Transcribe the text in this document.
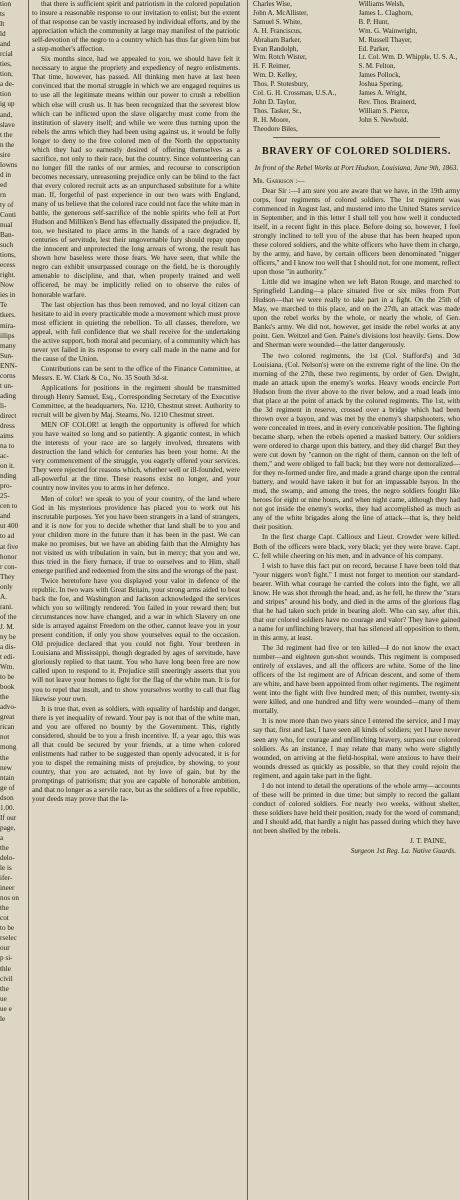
tion

ts

It

ld

and

rcial

ties,

tion,

a de-

tion

ig up

and,

slave

t the

n the

sire

lowns

d in

ed

rn

ty of

Conti

nual

Ban-

such

tions,

ecess

right.

Now

ies in

Te

tkers.

mira-

illips

many

Sun-

ENN-

corns

t un-

ading

li-

direct

dress

aims

na to

ac-

on it.

nding

pro-

25-

cen to

and

ut 400

to ad

at five

honor

r con-

They

only

A.

rani.

of the

J. M.

ny be

a dis-

t edi-

Wm.

to be

book

the

advo-

great

rican

not

mong

the

new

ntain

ge of

dson

1.00.

If our

page,

a

the

delo-

le is

ifer-

ineer

nos on

the

cot

to be

rselec

our

p si-

thle

civil

the

ue

ue e

le

that there is sufficient spirit and patriotism in the colored population to insure a reasonable response to our invitation to enlist; but the extent of that response can be vastly increased by individual efforts, and by the appreciation which the community at large may manifest of the patriotic self-devotion of the negro to a country which has thus far given him but a step-mother's affection.

Six months since, had we appealed to you, we should have felt it necessary to argue the propriety and expediency of negro enlistments. That time, however, has passed. All thinking men have at last been convinced that the mortal struggle in which we are engaged requires us to use all the legitimate means within our power to crush a rebellion which else will crush us. It has been recognized that the severest blow which can be inflicted upon the slave oligarchy must come from the institution of slavery itself; and while we were thus turning upon the rebels the arms which they had been using against us, it would be folly longer to deny to the free colored men of the North the opportunity which they had so earnestly desired of offering themselves as a sacrifice, not only to their race, but the country. Since volunteering can no longer fill the ranks of our armies, and recourse to conscription becomes necessary, unreasoning prejudice only can be blind to the fact that every colored recruit acts as an unpurchased substitute for a white man. If, forgetful of past experience in our two wars with England, many of us believe that the colored race could not face the white man in battle, the generous self-sacrifice of the noble spirits who fell at Port Hudson and Milliken's Bend has effectually dissipated the prejudice. If, too, we hesitated to place arms in the hands of a race degraded by centuries of servitude, lest their ungovernable fury should repay upon the innocent and unprotected the long arrears of wrong, the result has shown how baseless were those fears. We have seen, that while the negro can exhibit unsurpassed courage on the field, he is thoroughly amenable to discipline, and that, when properly trained and well officered, he may be implicitly relied on to observe the rules of honorable warfare.

The last objection has thus been removed, and no loyal citizen can hesitate to aid in every practicable mode a movement which must prove most efficient in quieting the rebellion. To all classes, therefore, we appeal, with full confidence that we shall receive for the undertaking the active support, both moral and pecuniary, of a community which has never yet failed in its response to every call made in the name and for the cause of the Union.

Contributions can be sent to the office of the Finance Committee, at Messrs. E. W. Clark & Co., No. 35 South 3d-st.

Applications for positions in the regiment should be transmitted through Henry Samuel, Esq., Corresponding Secretary of the Executive Committee, at the headquarters, No. 1210, Chestnut street. Authority to recruit will be given by Maj. Stearns, No. 1210 Chestnut street.

MEN OF COLOR! at length the opportunity is offered for which you have waited so long and so patiently. A gigantic contest, in which the interests of your race are so largely involved, threatens with destruction the land which for centuries has been your home. At the very commencement of the struggle, you eagerly offered your services. They were rejected for reasons which, whether well or ill-founded, were all-powerful at the time. These reasons exist no longer, and your country now invites you to arms in her defence.

Men of color! we speak to you of your country, of the land where God in his mysterious providence has placed you to work out his inscrutable purposes. Yet you have been strangers in a land of strangers, and it is now for you to decide whether that land shall be to you and your children more in the future than it has been in the past. We can make no promises, but we have an abiding faith that the Almighty has not visited us with tribulation in vain, but in mercy; that you and we, thus tried in the fiery furnace, if true to ourselves and to Him, shall emerge purified and redeemed from the sins and the wrongs of the past.

Twice heretofore have you displayed your valor in defence of the republic. In two wars with Great Britain, your strong arms aided to beat back the foe, and Washington and Jackson acknowledged the services which you so willingly rendered. You failed in your reward then; but circumstances now have changed, and a war in which Slavery on one side is arrayed against Freedom on the other, cannot leave you in your present condition, if only you show yourselves equal to the occasion. Old prejudice declared that you could not fight. Your brethren in Louisiana and Mississippi, though degraded by ages of servitude, have gloriously replied to that taunt. You who have long been free are now called upon to respond to it. Prejudice still sneeringly asserts that you will not leave your homes to fight for the flag of the white man. It is for you to repel that insult, and to show yourselves worthy to call that flag likewise your own.

It is true that, even as soldiers, with equality of hardship and danger, there is yet inequality of reward. Your pay is not that of the white man, and you are offered no bounty by the Government. This, rightly considered, should be to you a fresh incentive. If, a year ago, this was all that could be secured by your friends, at a time when colored enlistments had rather to be suggested than openly advocated, it is for you to dispel the remaining mists of prejudice, by showing, to your country, that you are actuated, not by love of gain, but by the promptings of patriotism; that you are capable of honorable ambition, and that no longer as a servile race, but as the soldiers of a free republic, your deeds may prove that the la-

Charles Wise,
John A. McAllister,
Samuel S. White,
A. H. Franciscus,
Abraham Barker,
Evan Randolph,
Wm. Rotch Wister,
H. F. Reimer,
Wm. D. Kelley,
Thos. P. Stotesbury,
Col. G. H. Crossman, U.S.A.,
John D. Taylor,
Thos. Tasker, Sr.,
R. H. Moore,
Theodore Biles,
Williams Welsh,
James L. Claghorn,
B. P. Hunt,
Wm. G. Wainwright,
M. Russell Thayer,
Ed. Parker,
Lt. Col. Wm. D. Whipple, U. S. A.,
S. M. Felton,
James Pollock,
Joshua Spering,
James A. Wright,
Rev. Thos. Brainerd,
William S. Pierce,
John S. Newbold.
BRAVERY OF COLORED SOLDIERS.
In front of the Rebel Works at Port Hudson, Louisiana, June 9th, 1863.

Mr. Garrison :—

Dear Sir :—I am sure you are aware that we have, in the 19th army corps, four regiments of colored soldiers. The 1st regiment was commenced in August last, and mustered into the United States service in September; and in this letter I shall tell you how well it conducted itself, in a recent fight in this place. Before doing so, however, I feel strongly inclined to tell you of the abuse that has been heaped upon these colored soldiers, and the white officers who have them in charge, by the army, and have, by certain officers been denominated "nigger officers," and I know too well that I should not, for one moment, reflect upon those "in authority."

Little did we imagine when we left Baton Rouge, and marched to Springfield Landing—a place situated five or six miles from Port Hudson—that we were really to take part in a fight. On the 25th of May, we marched to this place, and on the 27th, an attack was made upon the rebel works by the whole, or nearly the whole, of Gen. Banks's army. We did not, however, get inside the rebel works at any point. Gen. Weitzel and Gen. Paine's divisions lost heavily. Gens. Dow and Sherman were wounded—the latter dangerously.

The two colored regiments, the 1st (Col. Stafford's) and 3d Louisiana, (Col. Nelson's) were on the extreme right of the line. On the morning of the 27th, these two regiments, by order of Gen. Dwight, made an attack upon the enemy's works. Heavy woods encircle Port Hudson from the river above to the river below, and a road leads into that place at the point of attack by the colored regiments. The 1st, with the 3d regiment in reserve, crossed over a bridge which had been thrown over a bayou, and was met by the enemy's sharpshooters, who were concealed in trees, and in every conceivable position. The fighting became sharp, when the rebels opened a masked battery. Our soldiers were ordered to charge upon this battery, and they did charge! But they were cut down by "cannon on the right of them, cannon on the left of them," and were obliged to fall back; but they were not demoralized—for they re-formed under fire, and made a grand charge upon the central battery, and would have taken it but for an impassable bayou. In the mud, the swamp, and among the trees, the negro soldiers fought like heroes for eight or nine hours, and when night came, although they had not got inside the enemy's works, they had accomplished as much as any of the white brigades along the line of attack—that is, they held their position.

In the first charge Capt. Callioux and Lieut. Crowder were killed. Both of the officers were black, very black; yet they were brave. Capt. C. fell while cheering on his men, and in advance of his company.

I wish to have this fact put on record, because I have been told that "your niggers won't fight." I must not forget to mention our standard-bearer. With what courage he carried the colors into the fight, we all know. He was shot through the head, and, as he fell, he threw the "stars and stripes" around his body, and died in the arms of the glorious flag that he had taken such pride in bearing aloft. Who can say, after this, that our colored soldiers have no courage and valor? They have gained a name for unflinching bravery, that has silenced all opposition to them, in this army, at least.

The 3d regiment had five or ten killed—I do not know the exact number—and eighteen gun-shot wounds. This regiment is composed entirely of exslaves, and all the officers are white. Some of the line officers of the 1st regiment are of African descent, and some of them are white, and have been appointed from other regiments. The regiment went into the fight with five hundred men; of this number, twenty-six were killed, and one hundred and fifty were wounded—many of them mortally.

It is now more than two years since I entered the service, and I may say that, first and last, I have seen all kinds of soldiers; yet I have never seen any who, for courage and unflinching bravery, surpass our colored soldiers. As an instance, I may relate that many who were slightly wounded, on arriving at the field-hospital, were anxious to have their wounds dressed as quickly as possible, so that they could rejoin the regiment, and again take part in the fight.

I do not intend to detail the operations of the whole army—accounts of these will be printed in due time; but simply to record the gallant conduct of colored soldiers. For nearly two weeks, without shelter, these soldiers have held their position, ready for the word of command; and I should add, that hardly a night has passed during which they have not been shelled by the rebels.

J. T. PAINE,

Surgeon 1st Reg. La. Native Guards.
